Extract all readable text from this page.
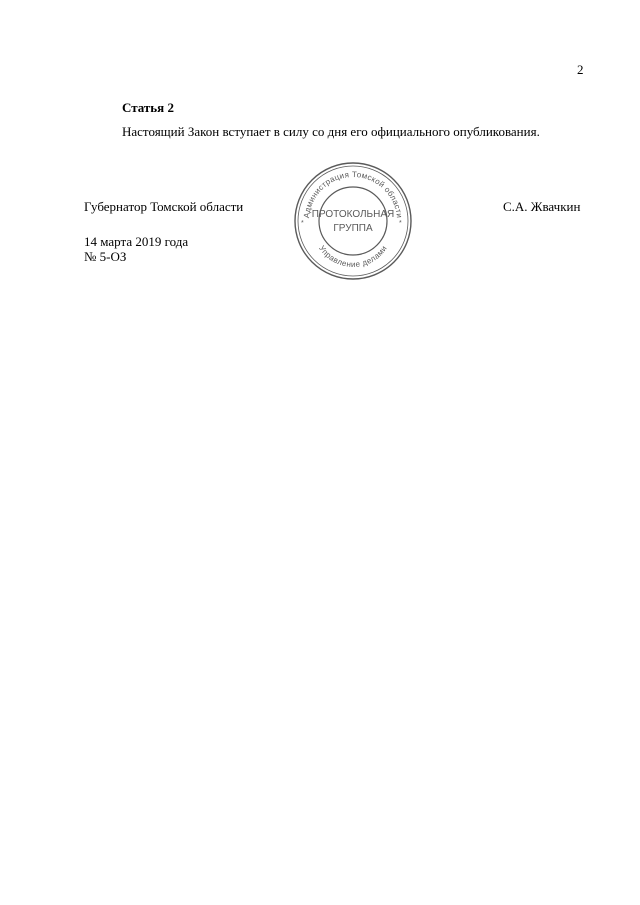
2
Статья 2
Настоящий Закон вступает в силу со дня его официального опубликования.
Губернатор Томской области	С.А. Жвачкин
14 марта 2019 года
№ 5-ОЗ
Администрация Томской области
Управление делами
*	*
ПРОТОКОЛЬНАЯ
ГРУППА
